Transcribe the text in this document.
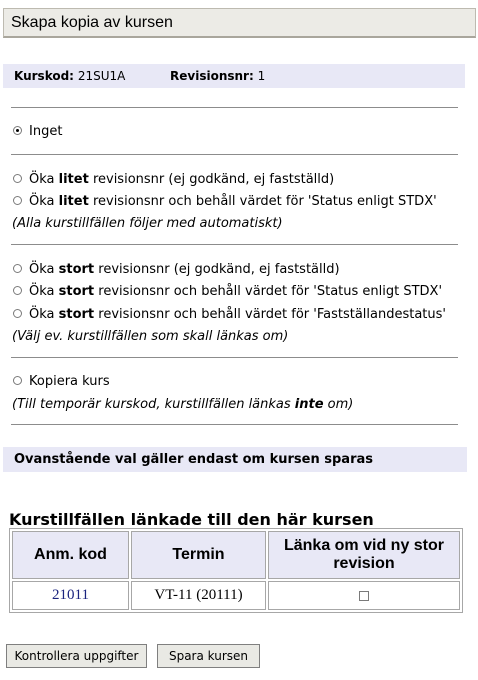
Skapa kopia av kursen
Kurskod: 21SU1A	Revisionsnr: 1
Inget
Öka litet revisionsnr (ej godkänd, ej fastställd)
Öka litet revisionsnr och behåll värdet för 'Status enligt STDX'
(Alla kurstillfällen följer med automatiskt)
Öka stort revisionsnr (ej godkänd, ej fastställd)
Öka stort revisionsnr och behåll värdet för 'Status enligt STDX'
Öka stort revisionsnr och behåll värdet för 'Fastställandestatus'
(Välj ev. kurstillfällen som skall länkas om)
Kopiera kurs
(Till temporär kurskod, kurstillfällen länkas inte om)
Ovanstående val gäller endast om kursen sparas
Kurstillfällen länkade till den här kursen
Anm. kod	Termin	Länka om vid ny stor revision
21011	VT-11 (20111)	
Kontrollera uppgifter	Spara kursen
